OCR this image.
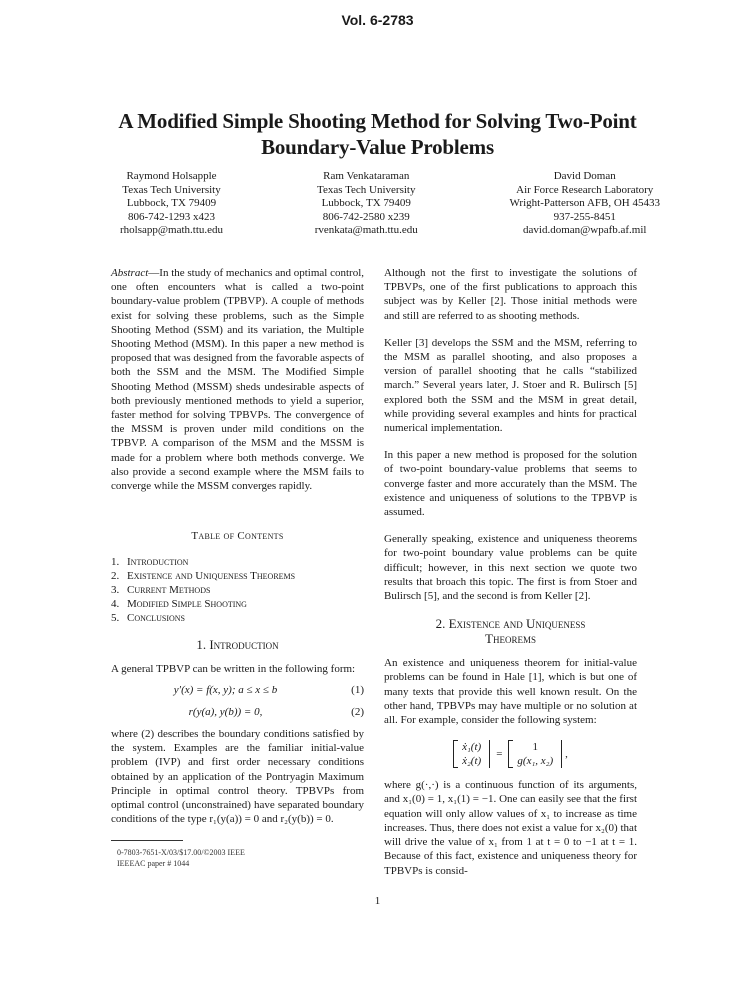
Vol. 6-2783
A Modified Simple Shooting Method for Solving Two-Point
Boundary-Value Problems
Raymond Holsapple
Texas Tech University
Lubbock, TX 79409
806-742-1293 x423
rholsapp@math.ttu.edu
Ram Venkataraman
Texas Tech University
Lubbock, TX 79409
806-742-2580 x239
rvenkata@math.ttu.edu
David Doman
Air Force Research Laboratory
Wright-Patterson AFB, OH 45433
937-255-8451
david.doman@wpafb.af.mil

Abstract—In the study of mechanics and optimal control, one often encounters what is called a two-point boundary-value problem (TPBVP). A couple of methods exist for solving these problems, such as the Simple Shooting Method (SSM) and its variation, the Multiple Shooting Method (MSM). In this paper a new method is proposed that was designed from the favorable aspects of both the SSM and the MSM. The Modified Simple Shooting Method (MSSM) sheds undesirable aspects of both previously mentioned methods to yield a superior, faster method for solving TPBVPs. The convergence of the MSSM is proven under mild conditions on the TPBVP. A comparison of the MSM and the MSSM is made for a problem where both methods converge. We also provide a second example where the MSM fails to converge while the MSSM converges rapidly.

Table of Contents
1. Introduction
2. Existence and Uniqueness Theorems
3. Current Methods
4. Modified Simple Shooting
5. Conclusions
1. Introduction

A general TPBVP can be written in the following form:

y′(x) = f(x, y); a ≤ x ≤ b	(1)
r(y(a), y(b)) = 0,	(2)

where (2) describes the boundary conditions satisfied by the system. Examples are the familiar initial-value problem (IVP) and first order necessary conditions obtained by an application of the Pontryagin Maximum Principle in optimal control theory. TPBVPs from optimal control (unconstrained) have separated boundary conditions of the type r₁(y(a)) = 0 and r₂(y(b)) = 0.

0-7803-7651-X/03/$17.00/©2003 IEEE
IEEEAC paper # 1044

Although not the first to investigate the solutions of TPBVPs, one of the first publications to approach this subject was by Keller [2]. Those initial methods were and still are referred to as shooting methods.

Keller [3] develops the SSM and the MSM, referring to the MSM as parallel shooting, and also proposes a version of parallel shooting that he calls “stabilized march.” Several years later, J. Stoer and R. Bulirsch [5] explored both the SSM and the MSM in great detail, while providing several examples and hints for practical numerical implementation.

In this paper a new method is proposed for the solution of two-point boundary-value problems that seems to converge faster and more accurately than the MSM. The existence and uniqueness of solutions to the TPBVP is assumed.

Generally speaking, existence and uniqueness theorems for two-point boundary value problems can be quite difficult; however, in this next section we quote two results that broach this topic. The first is from Stoer and Bulirsch [5], and the second is from Keller [2].

2. Existence and Uniqueness
Theorems

An existence and uniqueness theorem for initial-value problems can be found in Hale [1], which is but one of many texts that provide this well known result. On the other hand, TPBVPs may have multiple or no solution at all. For example, consider the following system:

ẋ₁(t)
ẋ₂(t)
=
1
g(x₁, x₂)
,

where g(·,·) is a continuous function of its arguments, and x₁(0) = 1, x₁(1) = −1. One can easily see that the first equation will only allow values of x₁ to increase as time increases. Thus, there does not exist a value for x₂(0) that will drive the value of x₁ from 1 at t = 0 to −1 at t = 1. Because of this fact, existence and uniqueness theory for TPBVPs is consid-

1
